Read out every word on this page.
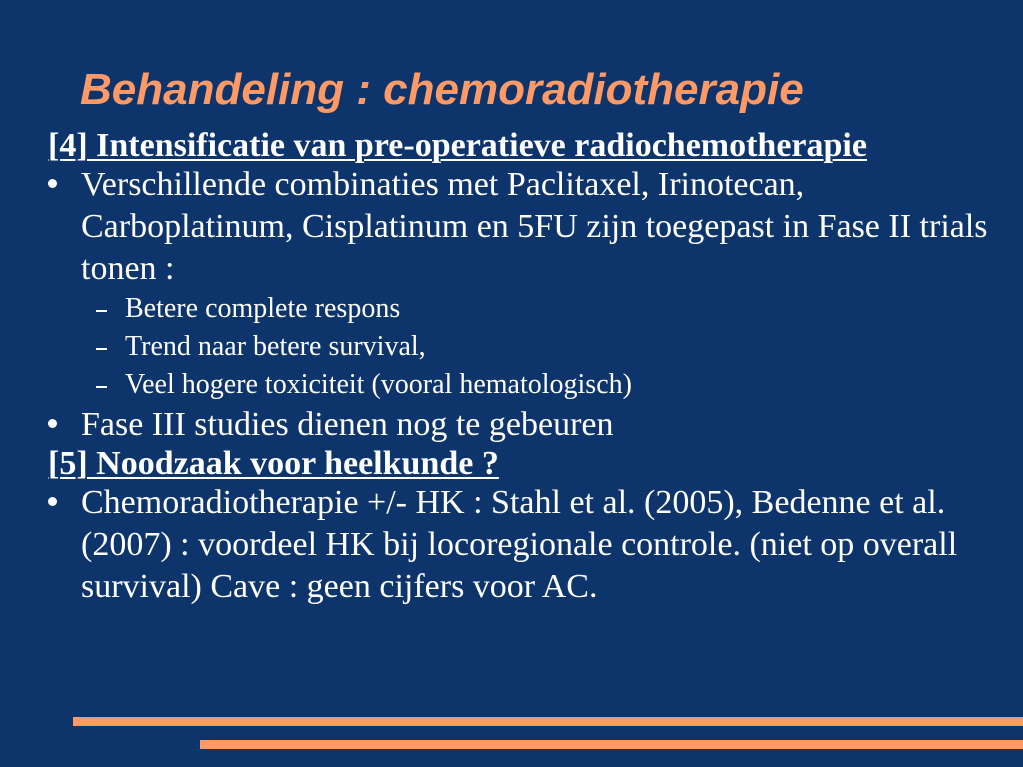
Behandeling : chemoradiotherapie

[4] Intensificatie van pre-operatieve radiochemotherapie

Verschillende combinaties met Paclitaxel, Irinotecan, Carboplatinum, Cisplatinum en 5FU zijn toegepast in Fase II trials tonen :
Betere complete respons
Trend naar betere survival,
Veel hogere toxiciteit (vooral hematologisch)
Fase III studies dienen nog te gebeuren

[5] Noodzaak voor heelkunde ?

Chemoradiotherapie +/- HK : Stahl et al. (2005), Bedenne et al. (2007) : voordeel HK bij locoregionale controle. (niet op overall survival) Cave : geen cijfers voor AC.
